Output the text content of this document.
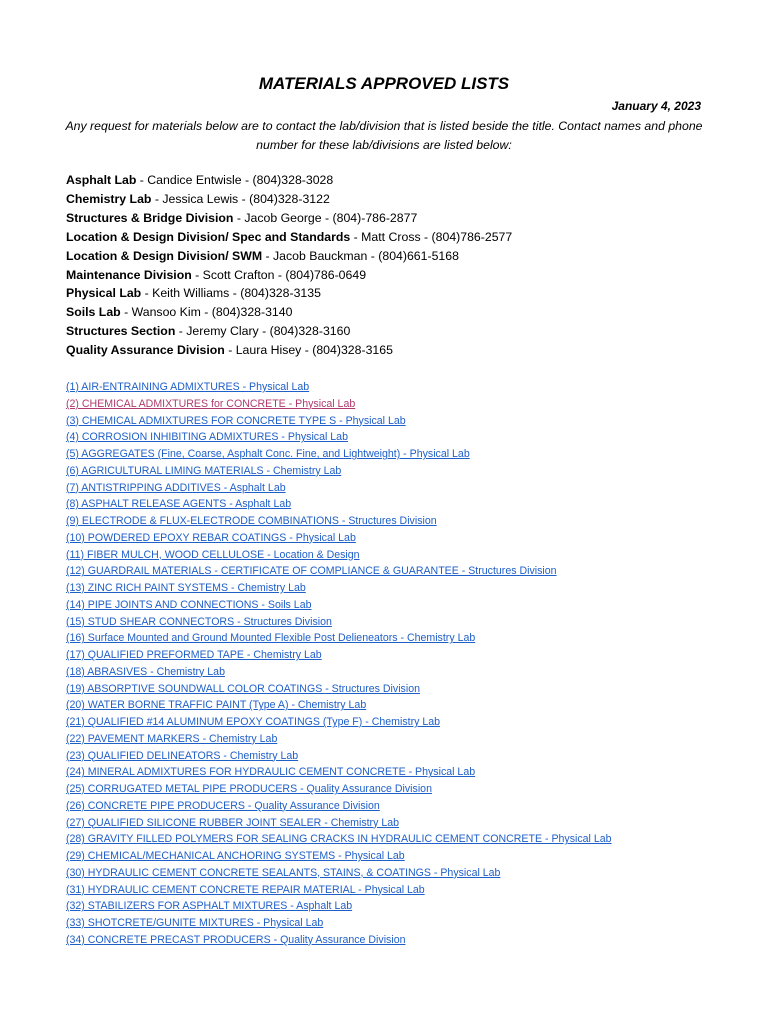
MATERIALS APPROVED LISTS
January 4, 2023
Any request for materials below are to contact the lab/division that is listed beside the title. Contact names and phone number for these lab/divisions are listed below:
Asphalt Lab - Candice Entwisle - (804)328-3028
Chemistry Lab - Jessica Lewis - (804)328-3122
Structures & Bridge Division - Jacob George - (804)-786-2877
Location & Design Division/ Spec and Standards - Matt Cross - (804)786-2577
Location & Design Division/ SWM - Jacob Bauckman - (804)661-5168
Maintenance Division - Scott Crafton - (804)786-0649
Physical Lab - Keith Williams - (804)328-3135
Soils Lab - Wansoo Kim - (804)328-3140
Structures Section - Jeremy Clary - (804)328-3160
Quality Assurance Division - Laura Hisey - (804)328-3165
(1) AIR-ENTRAINING ADMIXTURES - Physical Lab
(2) CHEMICAL ADMIXTURES for CONCRETE - Physical Lab
(3) CHEMICAL ADMIXTURES FOR CONCRETE TYPE S - Physical Lab
(4) CORROSION INHIBITING ADMIXTURES - Physical Lab
(5) AGGREGATES (Fine, Coarse, Asphalt Conc. Fine, and Lightweight) - Physical Lab
(6) AGRICULTURAL LIMING MATERIALS - Chemistry Lab
(7) ANTISTRIPPING ADDITIVES - Asphalt Lab
(8) ASPHALT RELEASE AGENTS - Asphalt Lab
(9) ELECTRODE & FLUX-ELECTRODE COMBINATIONS - Structures Division
(10) POWDERED EPOXY REBAR COATINGS - Physical Lab
(11) FIBER MULCH, WOOD CELLULOSE - Location & Design
(12) GUARDRAIL MATERIALS - CERTIFICATE OF COMPLIANCE & GUARANTEE - Structures Division
(13) ZINC RICH PAINT SYSTEMS - Chemistry Lab
(14) PIPE JOINTS AND CONNECTIONS - Soils Lab
(15) STUD SHEAR CONNECTORS - Structures Division
(16) Surface Mounted and Ground Mounted Flexible Post Delieneators - Chemistry Lab
(17) QUALIFIED PREFORMED TAPE - Chemistry Lab
(18) ABRASIVES - Chemistry Lab
(19) ABSORPTIVE SOUNDWALL COLOR COATINGS - Structures Division
(20) WATER BORNE TRAFFIC PAINT (Type A) - Chemistry Lab
(21) QUALIFIED #14 ALUMINUM EPOXY COATINGS (Type F) - Chemistry Lab
(22) PAVEMENT MARKERS - Chemistry Lab
(23) QUALIFIED DELINEATORS - Chemistry Lab
(24) MINERAL ADMIXTURES FOR HYDRAULIC CEMENT CONCRETE - Physical Lab
(25) CORRUGATED METAL PIPE PRODUCERS - Quality Assurance Division
(26) CONCRETE PIPE PRODUCERS - Quality Assurance Division
(27) QUALIFIED SILICONE RUBBER JOINT SEALER - Chemistry Lab
(28) GRAVITY FILLED POLYMERS FOR SEALING CRACKS IN HYDRAULIC CEMENT CONCRETE - Physical Lab
(29) CHEMICAL/MECHANICAL ANCHORING SYSTEMS - Physical Lab
(30) HYDRAULIC CEMENT CONCRETE SEALANTS, STAINS, & COATINGS - Physical Lab
(31) HYDRAULIC CEMENT CONCRETE REPAIR MATERIAL - Physical Lab
(32) STABILIZERS FOR ASPHALT MIXTURES - Asphalt Lab
(33) SHOTCRETE/GUNITE MIXTURES - Physical Lab
(34) CONCRETE PRECAST PRODUCERS - Quality Assurance Division
